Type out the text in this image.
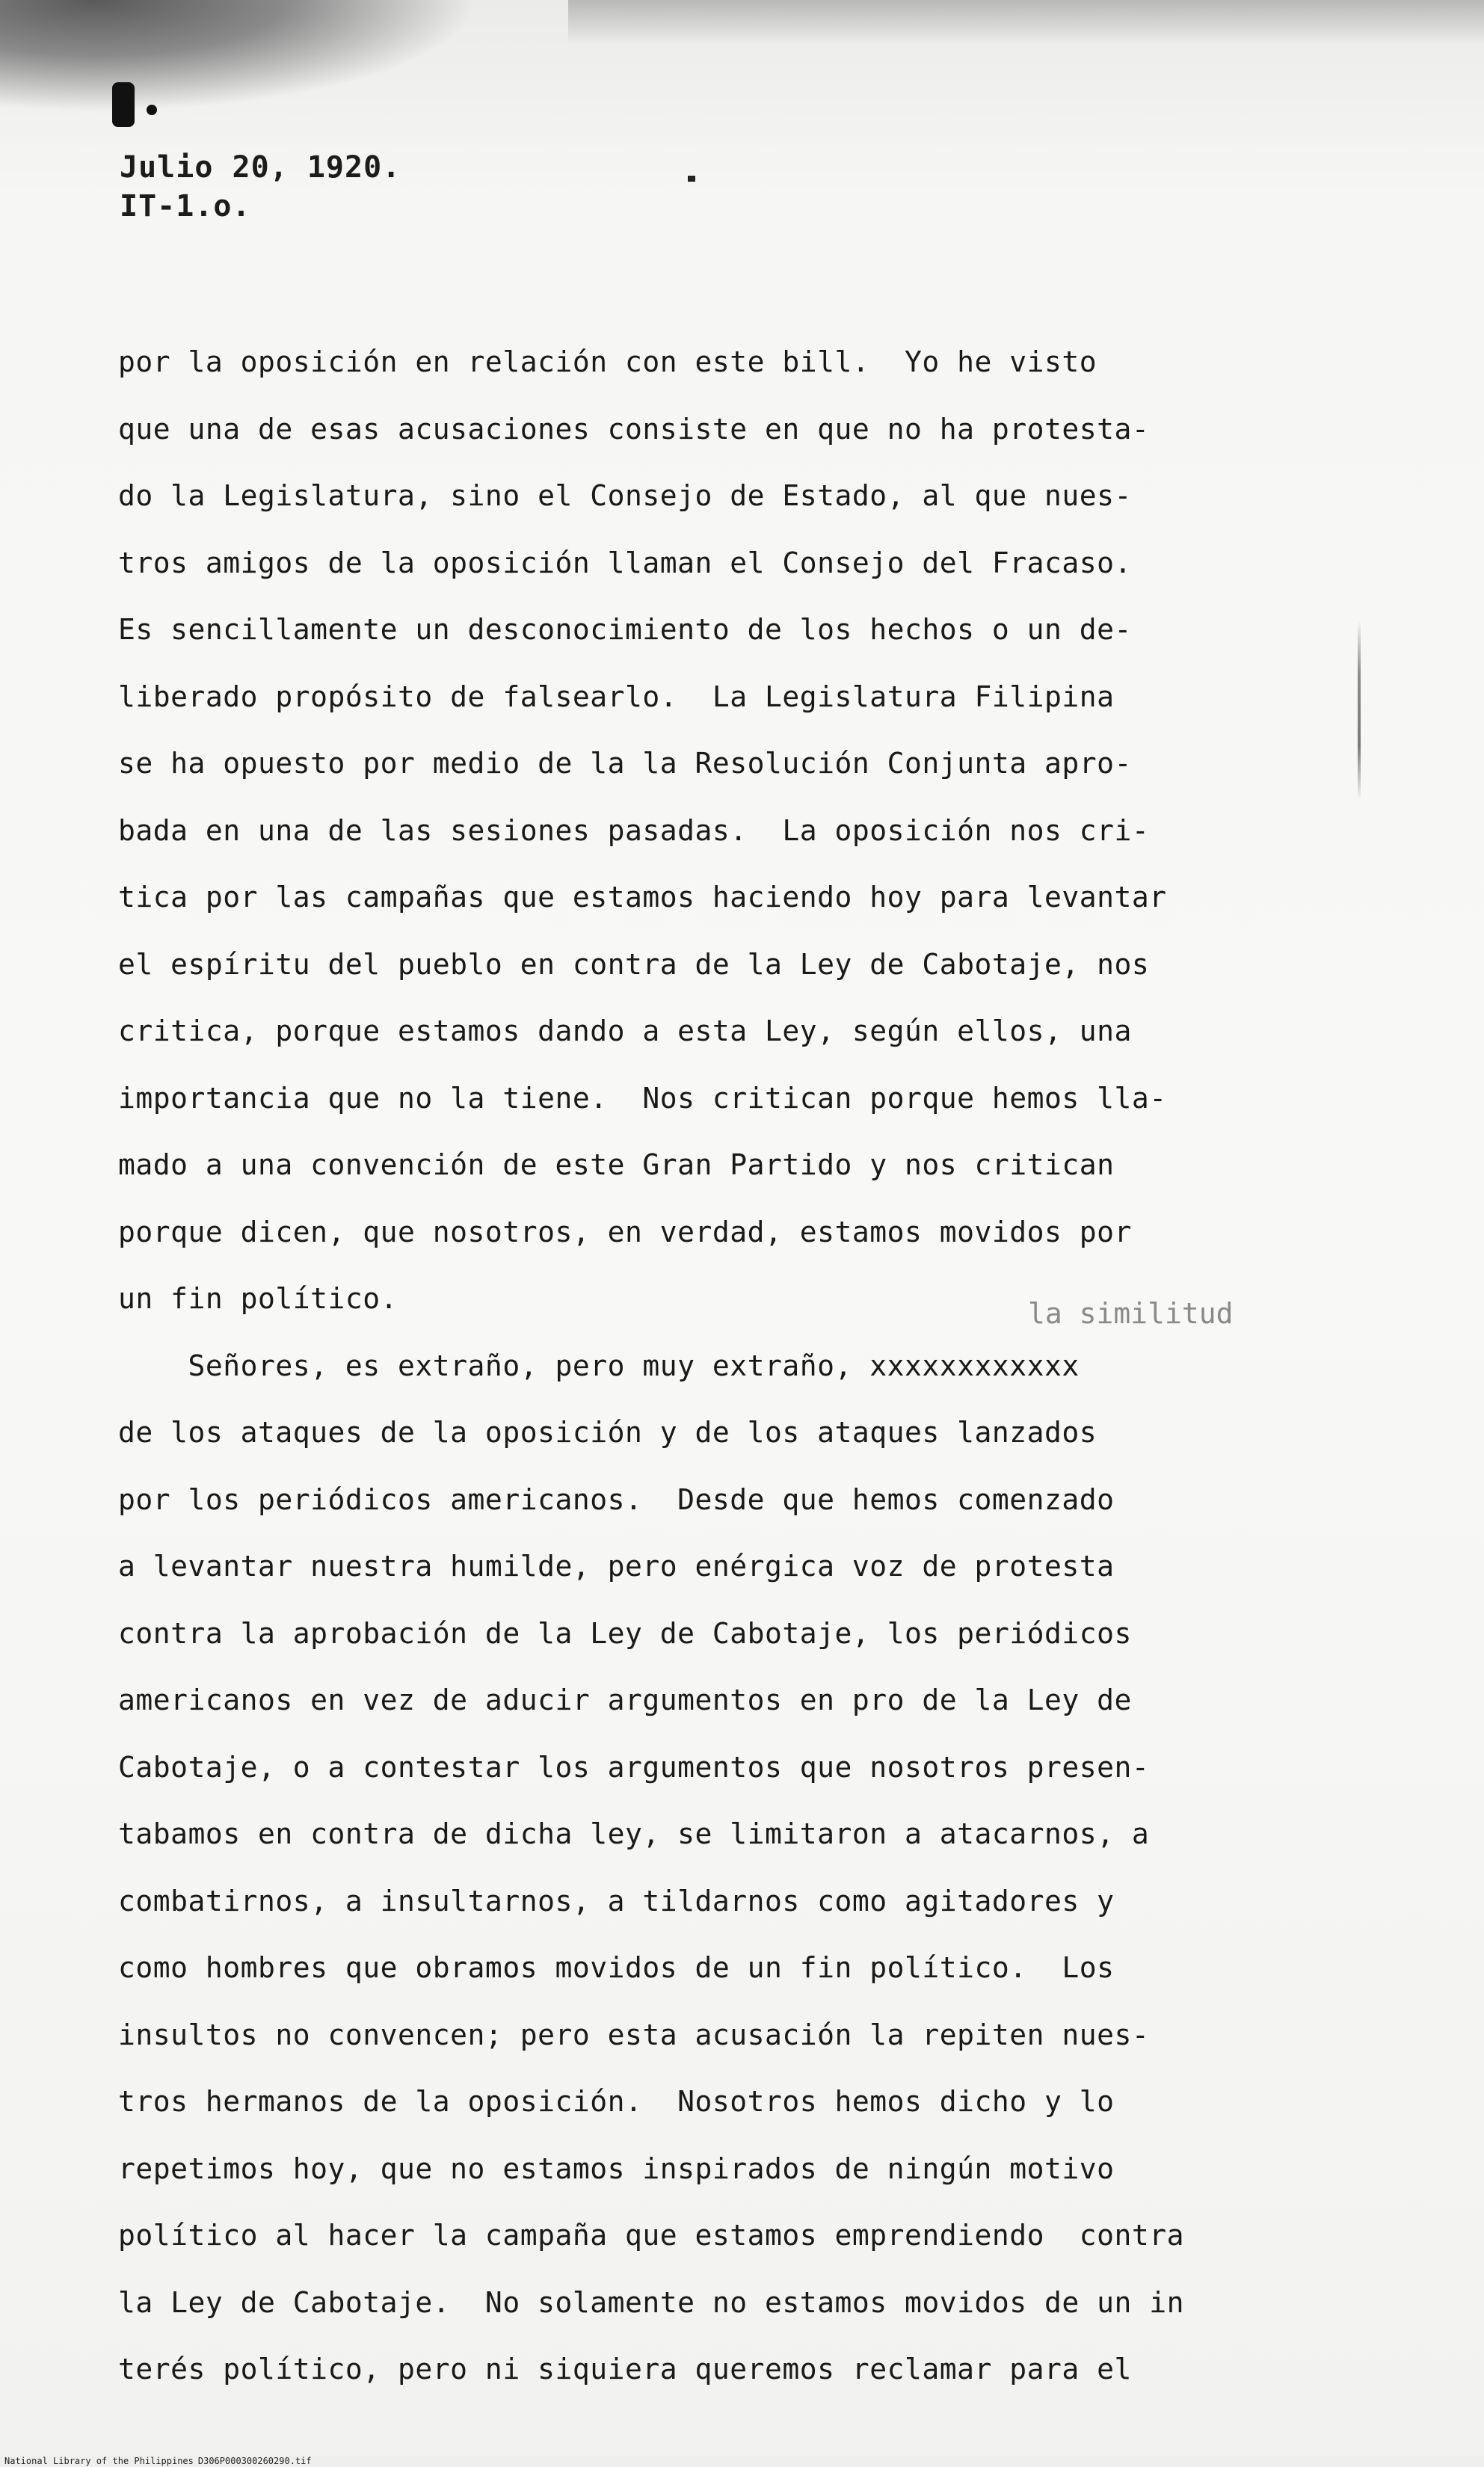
Julio 20, 1920.
IT-1.o.
por la oposición en relación con este bill.  Yo he visto
que una de esas acusaciones consiste en que no ha protesta-
do la Legislatura, sino el Consejo de Estado, al que nues-
tros amigos de la oposición llaman el Consejo del Fracaso.
Es sencillamente un desconocimiento de los hechos o un de-
liberado propósito de falsearlo.  La Legislatura Filipina
se ha opuesto por medio de la la Resolución Conjunta apro-
bada en una de las sesiones pasadas.  La oposición nos cri-
tica por las campañas que estamos haciendo hoy para levantar
el espíritu del pueblo en contra de la Ley de Cabotaje, nos
critica, porque estamos dando a esta Ley, según ellos, una
importancia que no la tiene.  Nos critican porque hemos lla-
mado a una convención de este Gran Partido y nos critican
porque dicen, que nosotros, en verdad, estamos movidos por
un fin político.
Señores, es extraño, pero muy extraño, xxxxxxxxxxxx
de los ataques de la oposición y de los ataques lanzados
por los periódicos americanos.  Desde que hemos comenzado
a levantar nuestra humilde, pero enérgica voz de protesta
contra la aprobación de la Ley de Cabotaje, los periódicos
americanos en vez de aducir argumentos en pro de la Ley de
Cabotaje, o a contestar los argumentos que nosotros presen-
tabamos en contra de dicha ley, se limitaron a atacarnos, a
combatirnos, a insultarnos, a tildarnos como agitadores y
como hombres que obramos movidos de un fin político.  Los
insultos no convencen; pero esta acusación la repiten nues-
tros hermanos de la oposición.  Nosotros hemos dicho y lo
repetimos hoy, que no estamos inspirados de ningún motivo
político al hacer la campaña que estamos emprendiendo  contra
la Ley de Cabotaje.  No solamente no estamos movidos de un in
terés político, pero ni siquiera queremos reclamar para el
la similitud
National Library of the Philippines D306P000300260290.tif
